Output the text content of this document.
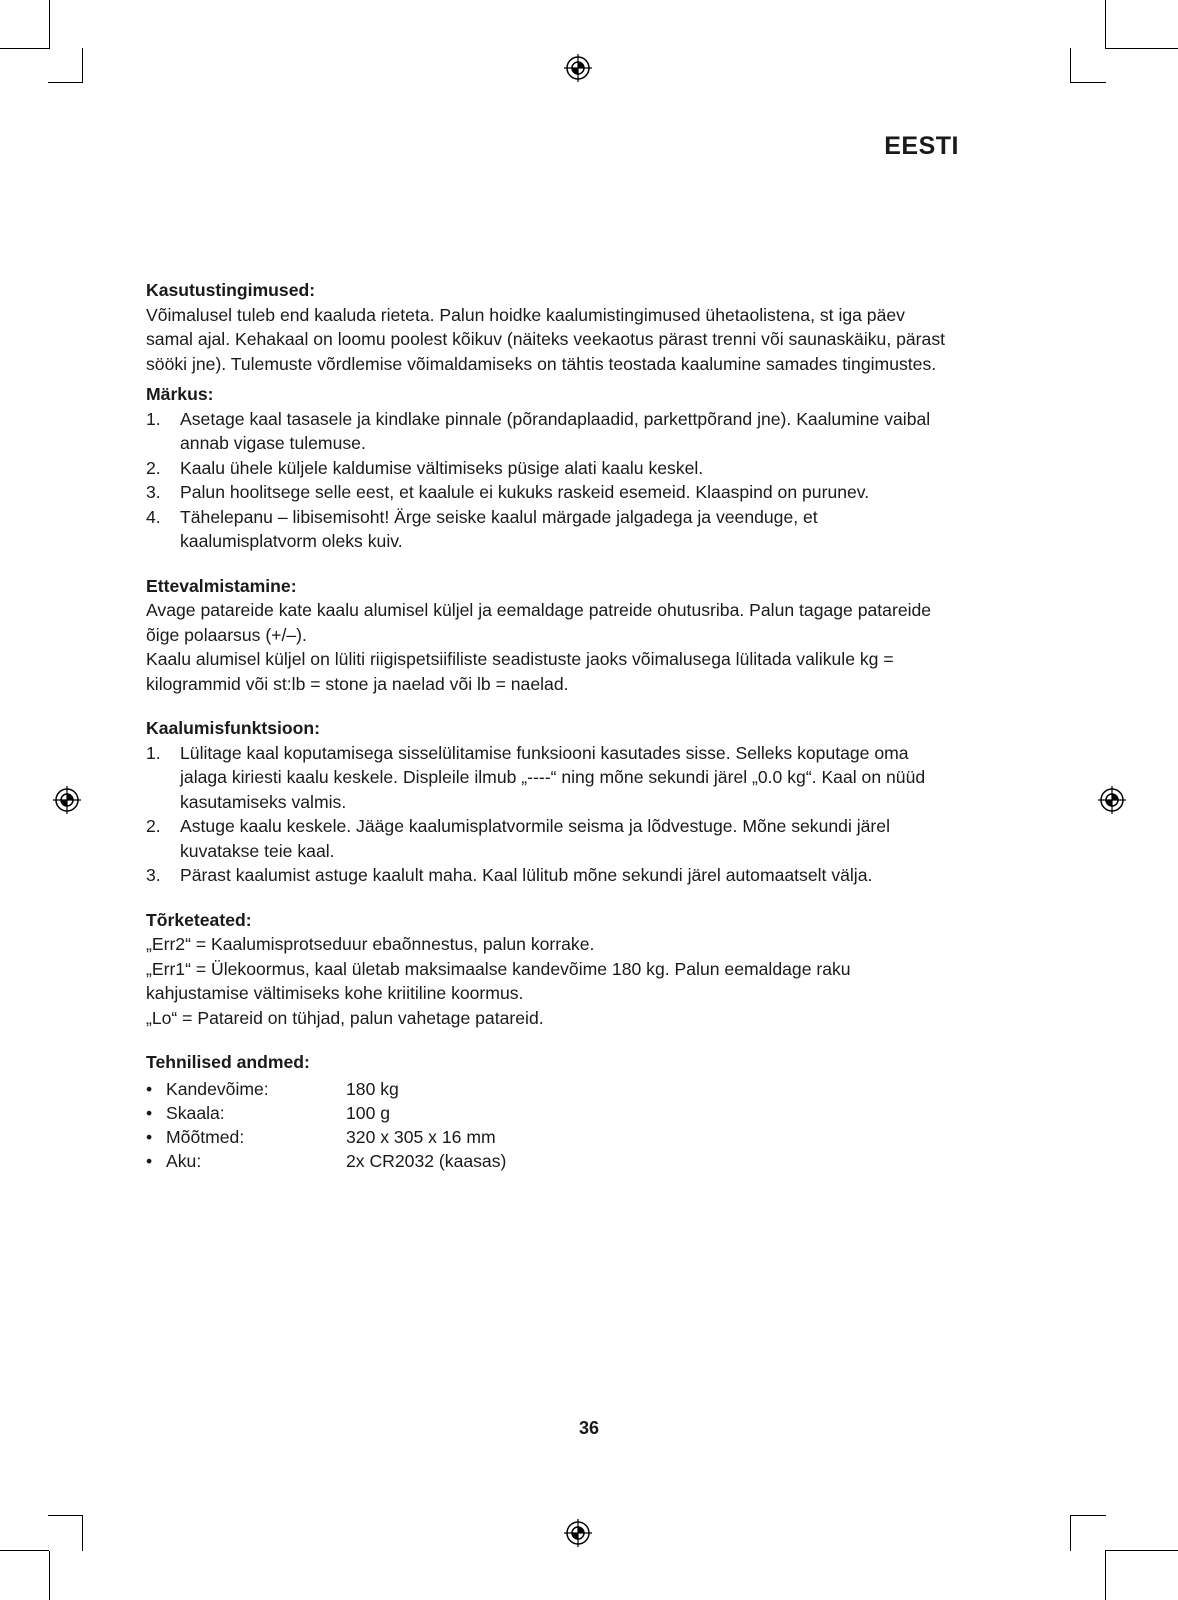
EESTI
Kasutustingimused:

Võimalusel tuleb end kaaluda rieteta. Palun hoidke kaalumistingimused ühetaolistena, st iga päev samal ajal. Kehakaal on loomu poolest kõikuv (näiteks veekaotus pärast trenni või saunaskäiku, pärast sööki jne). Tulemuste võrdlemise võimaldamiseks on tähtis teostada kaalumine samades tingimustes.

Märkus:
1. Asetage kaal tasasele ja kindlake pinnale (põrandaplaadid, parkettpõrand jne). Kaalumine vaibal annab vigase tulemuse.
2. Kaalu ühele küljele kaldumise vältimiseks püsige alati kaalu keskel.
3. Palun hoolitsege selle eest, et kaalule ei kukuks raskeid esemeid. Klaaspind on purunev.
4. Tähelepanu – libisemisoht! Ärge seiske kaalul märgade jalgadega ja veenduge, et kaalumisplatvorm oleks kuiv.
Ettevalmistamine:

Avage patareide kate kaalu alumisel küljel ja eemaldage patreide ohutusriba. Palun tagage patareide õige polaarsus (+/–).

Kaalu alumisel küljel on lüliti riigispetsiifiliste seadistuste jaoks võimalusega lülitada valikule kg = kilogrammid või st:lb = stone ja naelad või lb = naelad.

Kaalumisfunktsioon:
1. Lülitage kaal koputamisega sisselülitamise funksiooni kasutades sisse. Selleks koputage oma jalaga kiriesti kaalu keskele. Displeile ilmub „----“ ning mõne sekundi järel „0.0 kg“. Kaal on nüüd kasutamiseks valmis.
2. Astuge kaalu keskele. Jääge kaalumisplatvormile seisma ja lõdvestuge. Mõne sekundi järel kuvatakse teie kaal.
3. Pärast kaalumist astuge kaalult maha. Kaal lülitub mõne sekundi järel automaatselt välja.
Tõrketeated:

„Err2“ = Kaalumisprotseduur ebaõnnestus, palun korrake.

„Err1“ = Ülekoormus, kaal ületab maksimaalse kandevõime 180 kg. Palun eemaldage raku kahjustamise vältimiseks kohe kriitiline koormus.

„Lo“ = Patareid on tühjad, palun vahetage patareid.

Tehnilised andmed:
• Kandevõime:	180 kg
• Skaala:	100 g
• Mõõtmed:	320 x 305 x 16 mm
• Aku:	2x CR2032 (kaasas)
36
